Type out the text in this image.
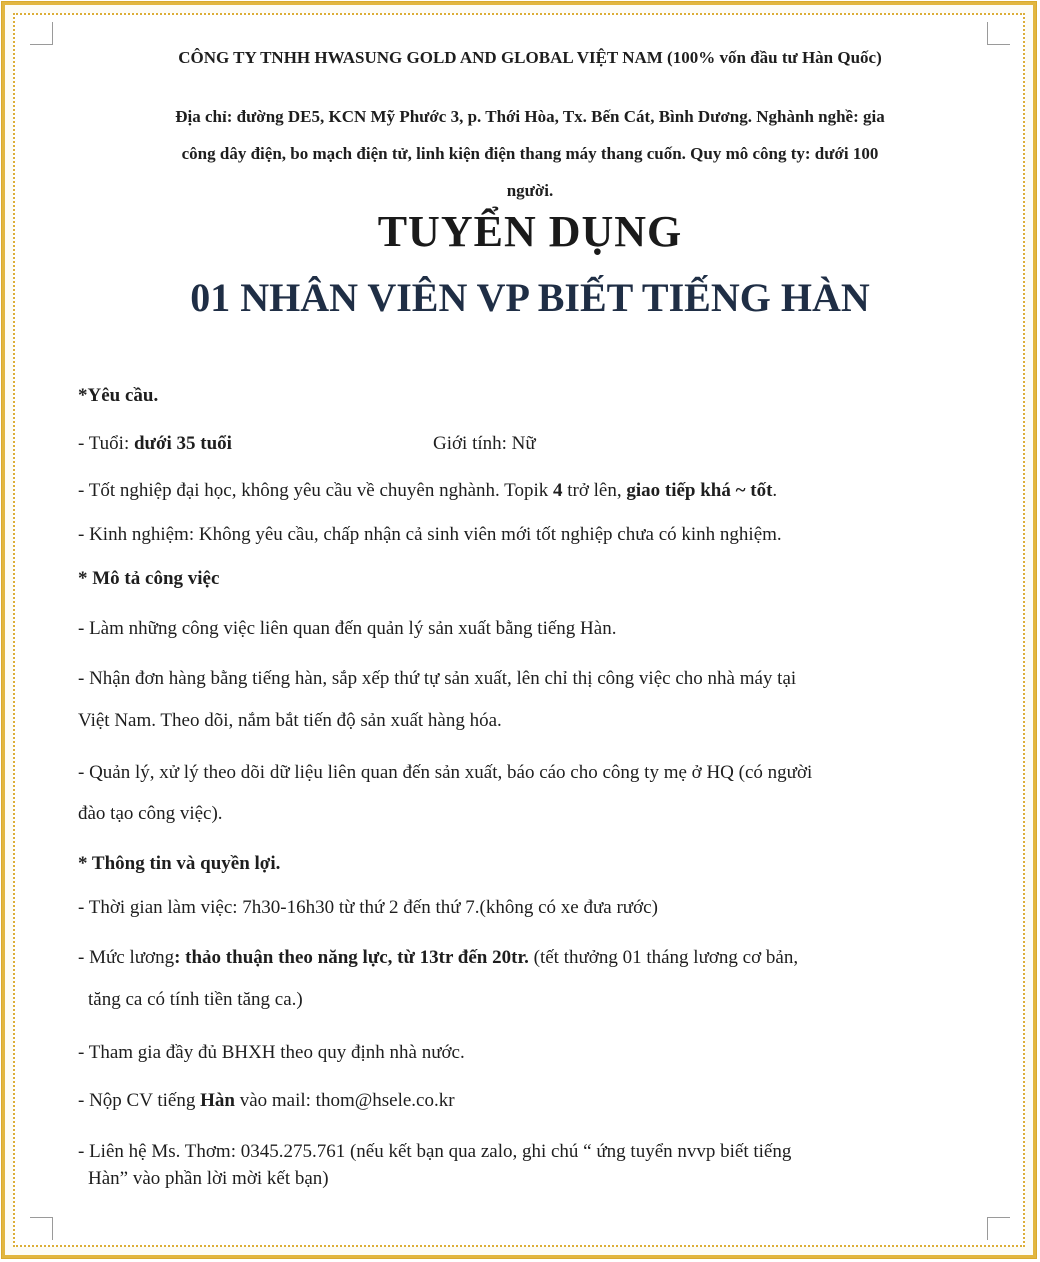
CÔNG TY TNHH HWASUNG GOLD AND GLOBAL VIỆT NAM (100% vốn đầu tư Hàn Quốc)
Địa chỉ: đường DE5, KCN Mỹ Phước 3, p. Thới Hòa, Tx. Bến Cát, Bình Dương. Nghành nghề: gia
công dây điện, bo mạch điện tử, linh kiện điện thang máy thang cuốn. Quy mô công ty: dưới 100
người.
TUYỂN DỤNG
01 NHÂN VIÊN VP BIẾT TIẾNG HÀN
*Yêu cầu.
- Tuổi: dưới 35 tuổi	Giới tính: Nữ
- Tốt nghiệp đại học, không yêu cầu về chuyên nghành. Topik 4 trở lên, giao tiếp khá ~ tốt.
- Kinh nghiệm: Không yêu cầu, chấp nhận cả sinh viên mới tốt nghiệp chưa có kinh nghiệm.
* Mô tả công việc
- Làm những công việc liên quan đến quản lý sản xuất bằng tiếng Hàn.
- Nhận đơn hàng bằng tiếng hàn, sắp xếp thứ tự sản xuất, lên chỉ thị công việc cho nhà máy tại
Việt Nam. Theo dõi, nắm bắt tiến độ sản xuất hàng hóa.
- Quản lý, xử lý theo dõi dữ liệu liên quan đến sản xuất, báo cáo cho công ty mẹ ở HQ (có người
đào tạo công việc).
* Thông tin và quyền lợi.
- Thời gian làm việc: 7h30-16h30 từ thứ 2 đến thứ 7.(không có xe đưa rước)
- Mức lương: thảo thuận theo năng lực, từ 13tr đến 20tr. (tết thưởng 01 tháng lương cơ bản,
tăng ca có tính tiền tăng ca.)
- Tham gia đầy đủ BHXH theo quy định nhà nước.
- Nộp CV tiếng Hàn vào mail: thom@hsele.co.kr
- Liên hệ Ms. Thơm: 0345.275.761 (nếu kết bạn qua zalo, ghi chú “ ứng tuyển nvvp biết tiếng
Hàn” vào phần lời mời kết bạn)
